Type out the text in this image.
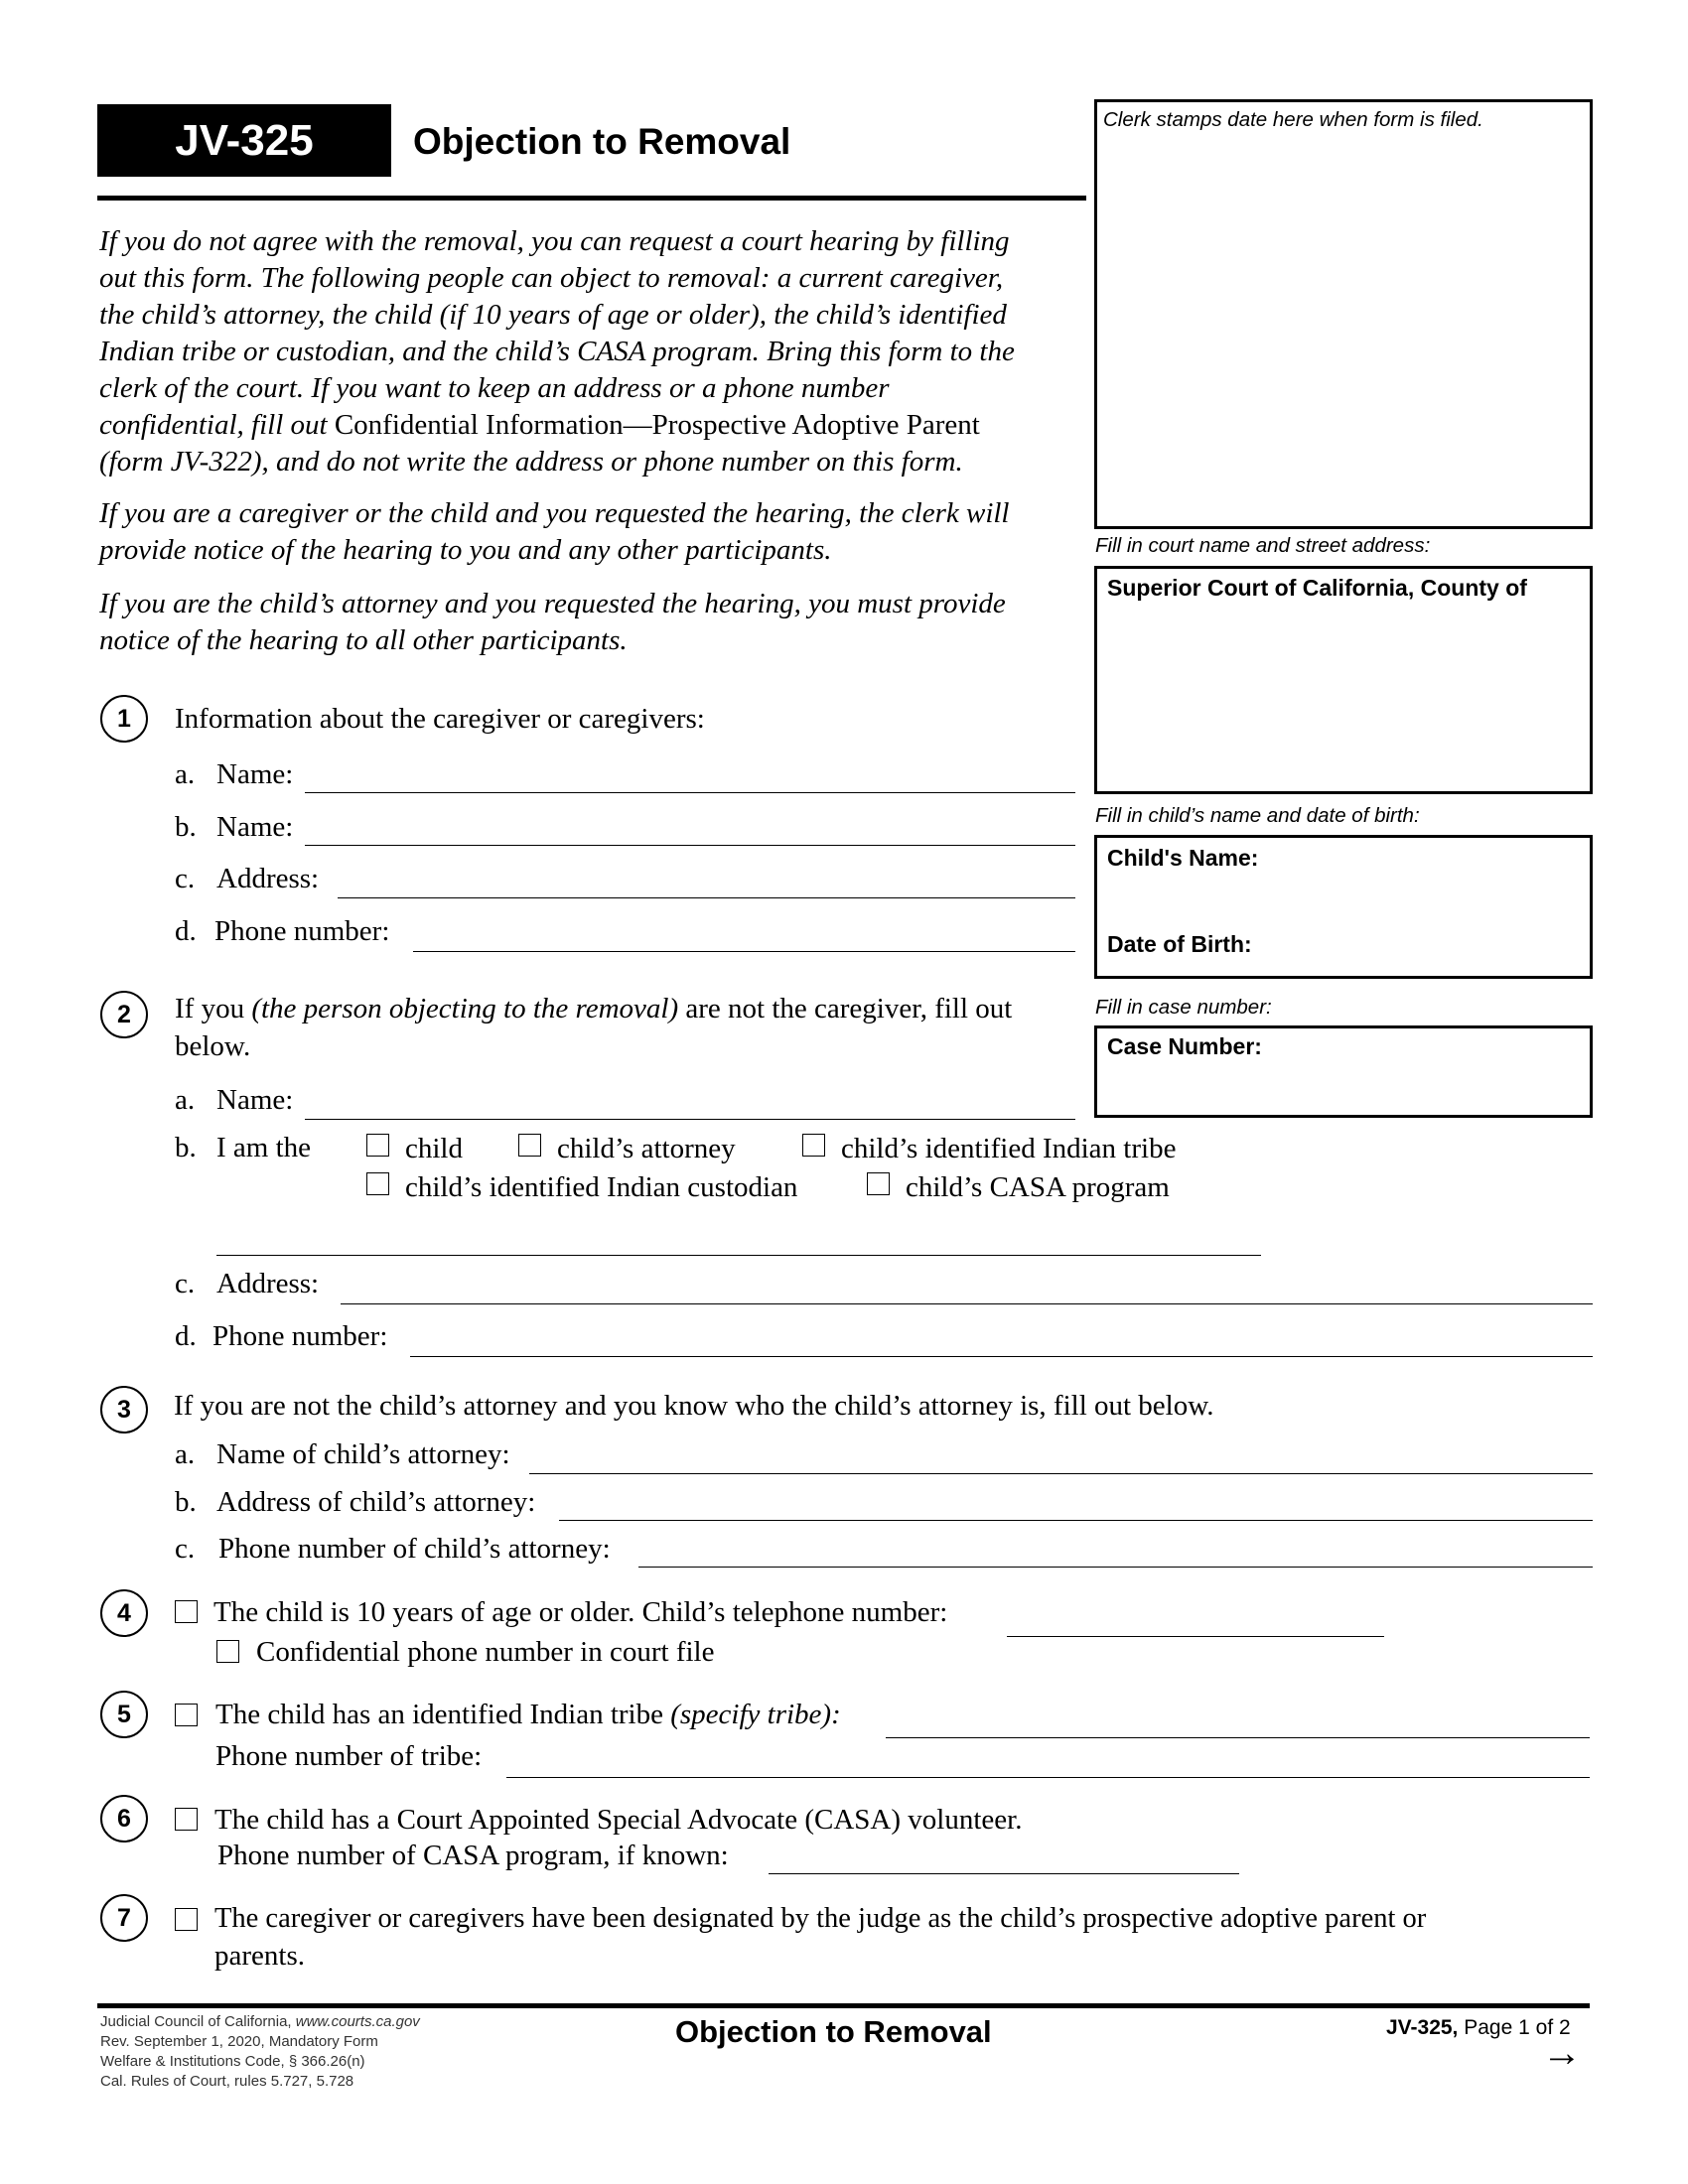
JV-325	Objection to Removal
If you do not agree with the removal, you can request a court hearing by filling
out this form. The following people can object to removal: a current caregiver,
the child’s attorney, the child (if 10 years of age or older), the child’s identified
Indian tribe or custodian, and the child’s CASA program. Bring this form to the
clerk of the court. If you want to keep an address or a phone number
confidential, fill out Confidential Information—Prospective Adoptive Parent
(form JV-322), and do not write the address or phone number on this form.
If you are a caregiver or the child and you requested the hearing, the clerk will
provide notice of the hearing to you and any other participants.
If you are the child’s attorney and you requested the hearing, you must provide
notice of the hearing to all other participants.
Clerk stamps date here when form is filed.
Fill in court name and street address:
Superior Court of California, County of
Fill in child’s name and date of birth:
Child's Name:
Date of Birth:
Fill in case number:
Case Number:
1	Information about the caregiver or caregivers:
a. Name:
b. Name:
c. Address:
d. Phone number:
2	If you (the person objecting to the removal) are not the caregiver, fill out
below.
a. Name:
b. I am the	child	child’s attorney	child’s identified Indian tribe
child’s identified Indian custodian	child’s CASA program
c. Address:
d. Phone number:
3	If you are not the child’s attorney and you know who the child’s attorney is, fill out below.
a. Name of child’s attorney:
b. Address of child’s attorney:
c. Phone number of child’s attorney:
4	The child is 10 years of age or older. Child’s telephone number:
Confidential phone number in court file
5	The child has an identified Indian tribe (specify tribe):
Phone number of tribe:
6	The child has a Court Appointed Special Advocate (CASA) volunteer.
Phone number of CASA program, if known:
7	The caregiver or caregivers have been designated by the judge as the child’s prospective adoptive parent or
parents.
Judicial Council of California, www.courts.ca.gov
Rev. September 1, 2020, Mandatory Form
Welfare & Institutions Code, § 366.26(n)
Cal. Rules of Court, rules 5.727, 5.728
Objection to Removal	JV-325, Page 1 of 2
→
